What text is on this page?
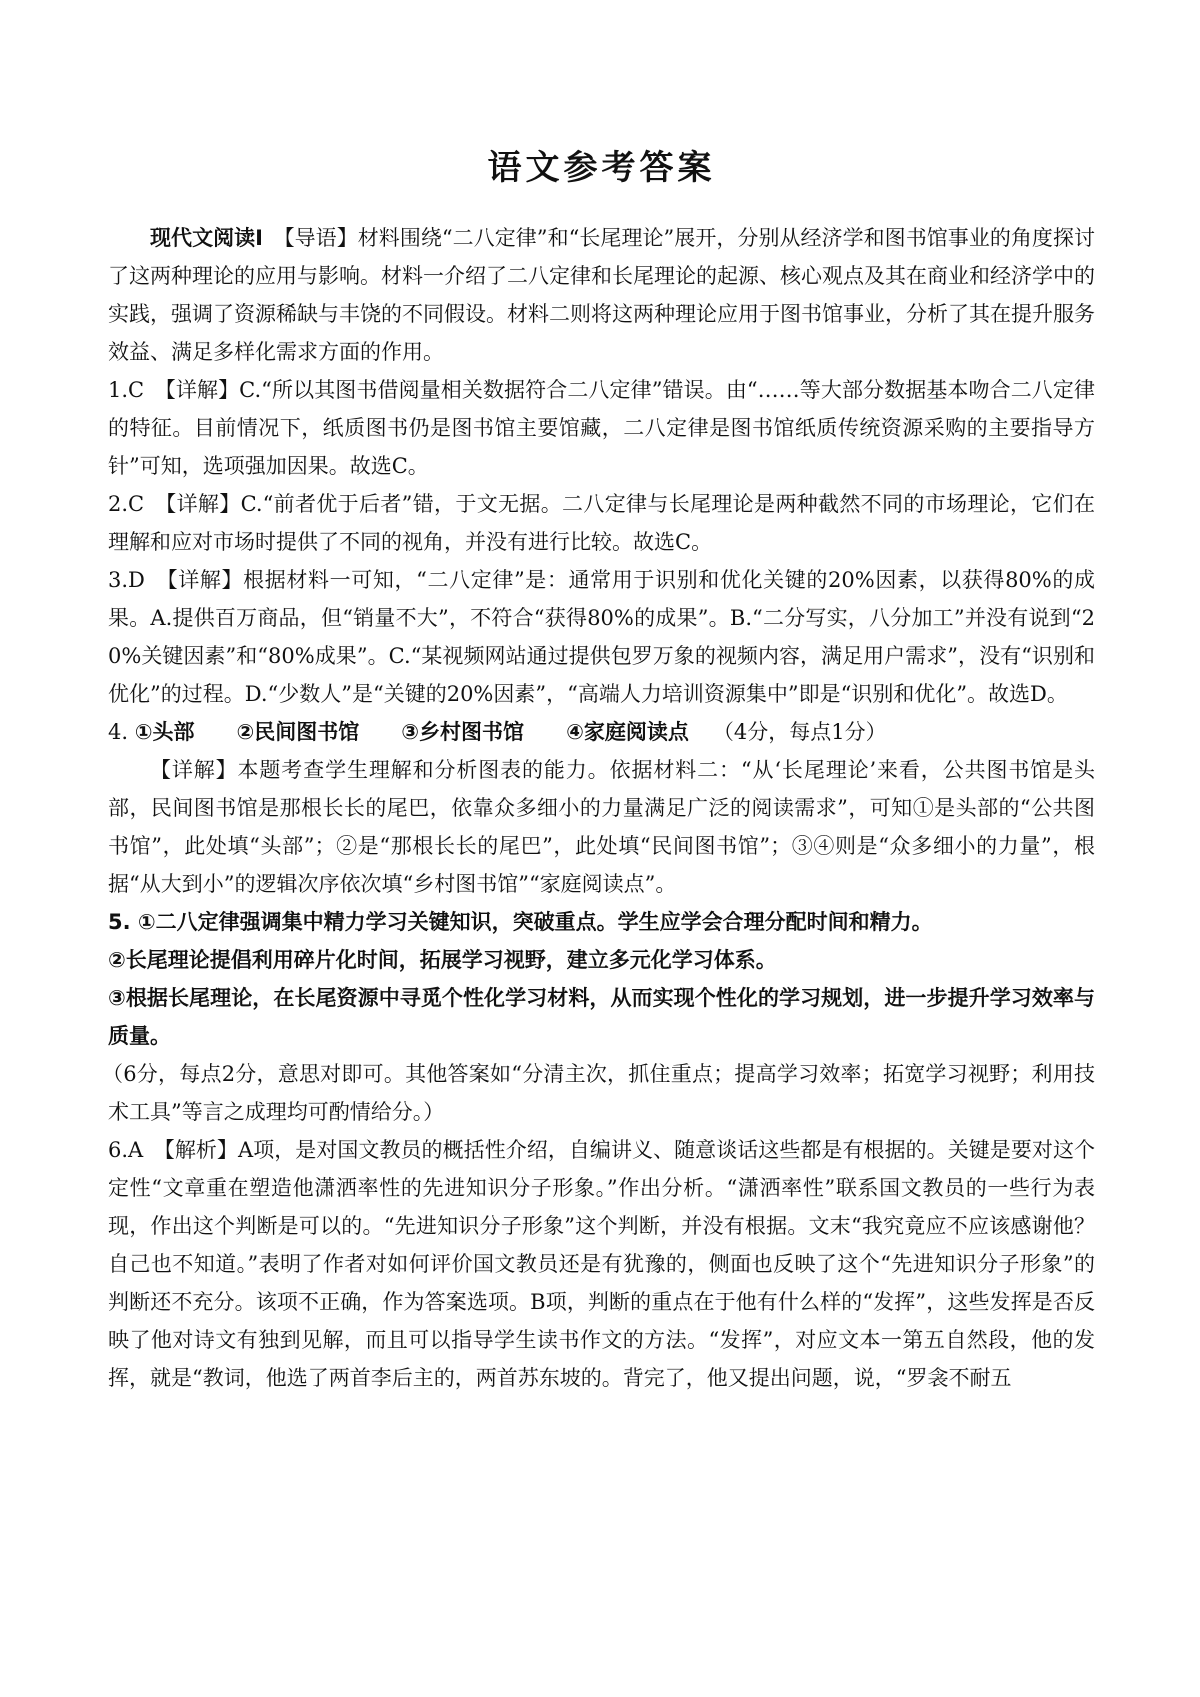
语文参考答案

现代文阅读Ⅰ　 【导语】材料围绕“二八定律”和“长尾理论”展开，分别从经济学和图书馆事业的角度探讨了这两种理论的应用与影响。材料一介绍了二八定律和长尾理论的起源、核心观点及其在商业和经济学中的实践，强调了资源稀缺与丰饶的不同假设。材料二则将这两种理论应用于图书馆事业，分析了其在提升服务效益、满足多样化需求方面的作用。

1.C　【详解】C.“所以其图书借阅量相关数据符合二八定律”错误。由“……等大部分数据基本吻合二八定律的特征。目前情况下，纸质图书仍是图书馆主要馆藏，二八定律是图书馆纸质传统资源采购的主要指导方针”可知，选项强加因果。故选C。

2.C　【详解】C.“前者优于后者”错，于文无据。二八定律与长尾理论是两种截然不同的市场理论，它们在理解和应对市场时提供了不同的视角，并没有进行比较。故选C。

3.D　【详解】根据材料一可知，“二八定律”是：通常用于识别和优化关键的20%因素，以获得80%的成果。A.提供百万商品，但“销量不大”，不符合“获得80%的成果”。B.“二分写实，八分加工”并没有说到“20%关键因素”和“80%成果”。C.“某视频网站通过提供包罗万象的视频内容，满足用户需求”，没有“识别和优化”的过程。D.“少数人”是“关键的20%因素”，“高端人力培训资源集中”即是“识别和优化”。故选D。

4. ①头部 ②民间图书馆 ③乡村图书馆 ④家庭阅读点 （4分，每点1分）

【详解】本题考查学生理解和分析图表的能力。依据材料二：“从‘长尾理论’来看，公共图书馆是头部，民间图书馆是那根长长的尾巴，依靠众多细小的力量满足广泛的阅读需求”，可知①是头部的“公共图书馆”，此处填“头部”；②是“那根长长的尾巴”，此处填“民间图书馆”；③④则是“众多细小的力量”，根据“从大到小”的逻辑次序依次填“乡村图书馆”“家庭阅读点”。

5. ①二八定律强调集中精力学习关键知识，突破重点。学生应学会合理分配时间和精力。

②长尾理论提倡利用碎片化时间，拓展学习视野，建立多元化学习体系。

③根据长尾理论，在长尾资源中寻觅个性化学习材料，从而实现个性化的学习规划，进一步提升学习效率与质量。

（6分，每点2分，意思对即可。其他答案如“分清主次，抓住重点；提高学习效率；拓宽学习视野；利用技术工具”等言之成理均可酌情给分。）

6.A　【解析】A项，是对国文教员的概括性介绍，自编讲义、随意谈话这些都是有根据的。关键是要对这个定性“文章重在塑造他潇洒率性的先进知识分子形象。”作出分析。“潇洒率性”联系国文教员的一些行为表现，作出这个判断是可以的。“先进知识分子形象”这个判断，并没有根据。文末“我究竟应不应该感谢他？自己也不知道。”表明了作者对如何评价国文教员还是有犹豫的，侧面也反映了这个“先进知识分子形象”的判断还不充分。该项不正确，作为答案选项。B项，判断的重点在于他有什么样的“发挥”，这些发挥是否反映了他对诗文有独到见解，而且可以指导学生读书作文的方法。“发挥”，对应文本一第五自然段，他的发挥，就是“教词，他选了两首李后主的，两首苏东坡的。背完了，他又提出问题，说，“罗衾不耐五
